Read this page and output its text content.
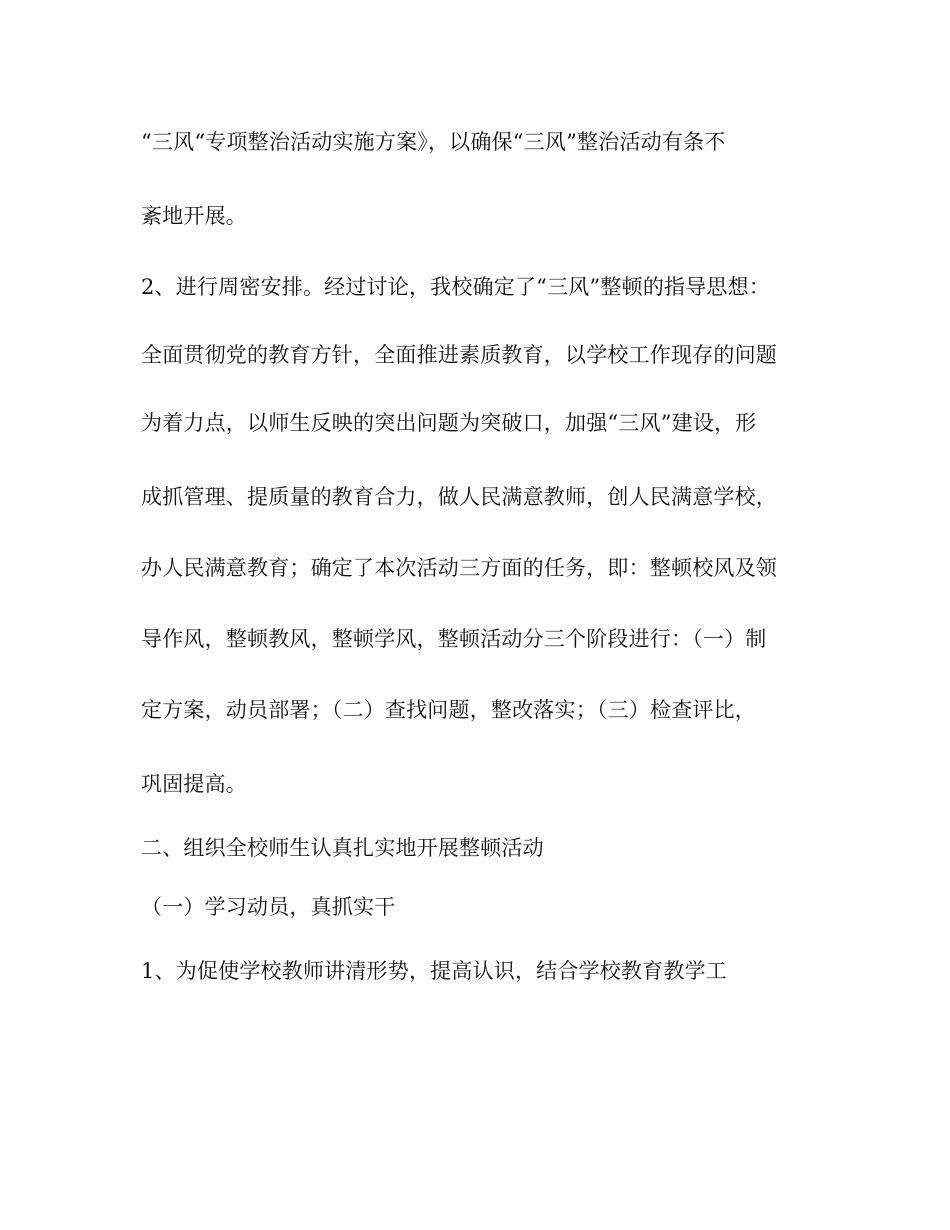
“三风“专项整治活动实施方案》，以确保“三风”整治活动有条不
紊地开展。
2、进行周密安排。经过讨论，我校确定了“三风”整顿的指导思想：
全面贯彻党的教育方针，全面推进素质教育，以学校工作现存的问题
为着力点，以师生反映的突出问题为突破口，加强“三风”建设，形
成抓管理、提质量的教育合力，做人民满意教师，创人民满意学校，
办人民满意教育；确定了本次活动三方面的任务，即：整顿校风及领
导作风，整顿教风，整顿学风，整顿活动分三个阶段进行：（一）制
定方案，动员部署；（二）查找问题，整改落实；（三）检查评比，
巩固提高。
二、组织全校师生认真扎实地开展整顿活动
（一）学习动员，真抓实干
1、为促使学校教师讲清形势，提高认识，结合学校教育教学工
